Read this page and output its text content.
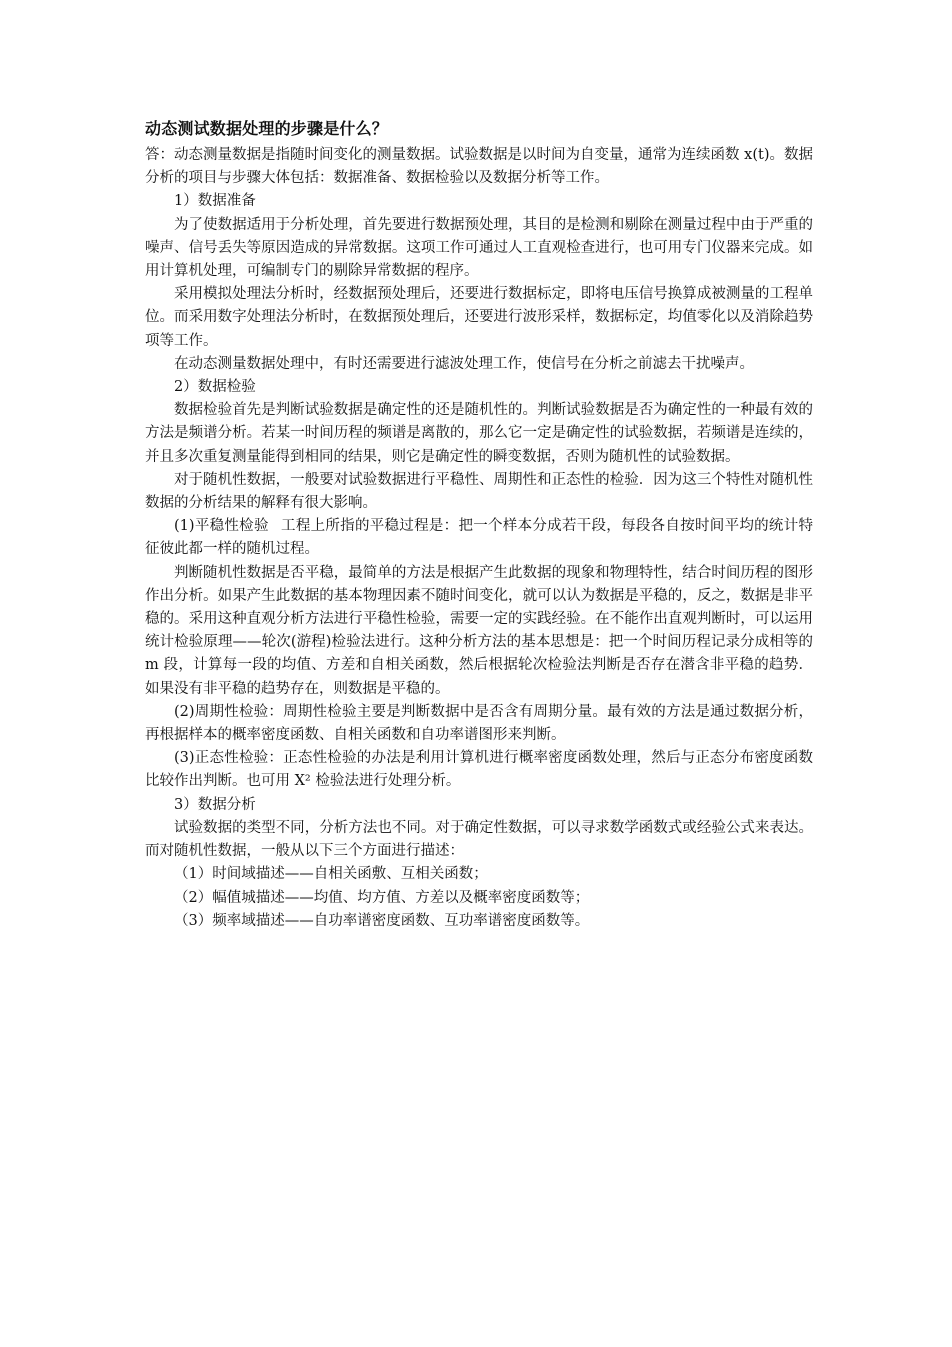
动态测试数据处理的步骤是什么？

答：动态测量数据是指随时间变化的测量数据。试验数据是以时间为自变量，通常为连续函数 x(t)。数据分析的项目与步骤大体包括：数据准备、数据检验以及数据分析等工作。

1）数据准备

为了使数据适用于分析处理，首先要进行数据预处理，其目的是检测和剔除在测量过程中由于严重的噪声、信号丢失等原因造成的异常数据。这项工作可通过人工直观检查进行，也可用专门仪器来完成。如用计算机处理，可编制专门的剔除异常数据的程序。

采用模拟处理法分析时，经数据预处理后，还要进行数据标定，即将电压信号换算成被测量的工程单位。而采用数字处理法分析时，在数据预处理后，还要进行波形采样，数据标定，均值零化以及消除趋势项等工作。

在动态测量数据处理中，有时还需要进行滤波处理工作，使信号在分析之前滤去干扰噪声。

2）数据检验

数据检验首先是判断试验数据是确定性的还是随机性的。判断试验数据是否为确定性的一种最有效的方法是频谱分析。若某一时间历程的频谱是离散的，那么它一定是确定性的试验数据，若频谱是连续的，并且多次重复测量能得到相同的结果，则它是确定性的瞬变数据，否则为随机性的试验数据。

对于随机性数据，一般要对试验数据进行平稳性、周期性和正态性的检验．因为这三个特性对随机性数据的分析结果的解释有很大影响。

(1)平稳性检验 工程上所指的平稳过程是：把一个样本分成若干段，每段各自按时间平均的统计特征彼此都一样的随机过程。

判断随机性数据是否平稳，最简单的方法是根据产生此数据的现象和物理特性，结合时间历程的图形作出分析。如果产生此数据的基本物理因素不随时间变化，就可以认为数据是平稳的，反之，数据是非平稳的。采用这种直观分析方法进行平稳性检验，需要一定的实践经验。在不能作出直观判断时，可以运用统计检验原理——轮次(游程)检验法进行。这种分析方法的基本思想是：把一个时间历程记录分成相等的 m 段，计算每一段的均值、方差和自相关函数，然后根据轮次检验法判断是否存在潜含非平稳的趋势．如果没有非平稳的趋势存在，则数据是平稳的。

(2)周期性检验：周期性检验主要是判断数据中是否含有周期分量。最有效的方法是通过数据分析，再根据样本的概率密度函数、自相关函数和自功率谱图形来判断。

(3)正态性检验：正态性检验的办法是利用计算机进行概率密度函数处理，然后与正态分布密度函数比较作出判断。也可用 X² 检验法进行处理分析。

3）数据分析

试验数据的类型不同，分析方法也不同。对于确定性数据，可以寻求数学函数式或经验公式来表达。而对随机性数据，一般从以下三个方面进行描述：

（1）时间域描述——自相关函敷、互相关函数；

（2）幅值城描述——均值、均方值、方差以及概率密度函数等；

（3）频率域描述——自功率谱密度函数、互功率谱密度函数等。
